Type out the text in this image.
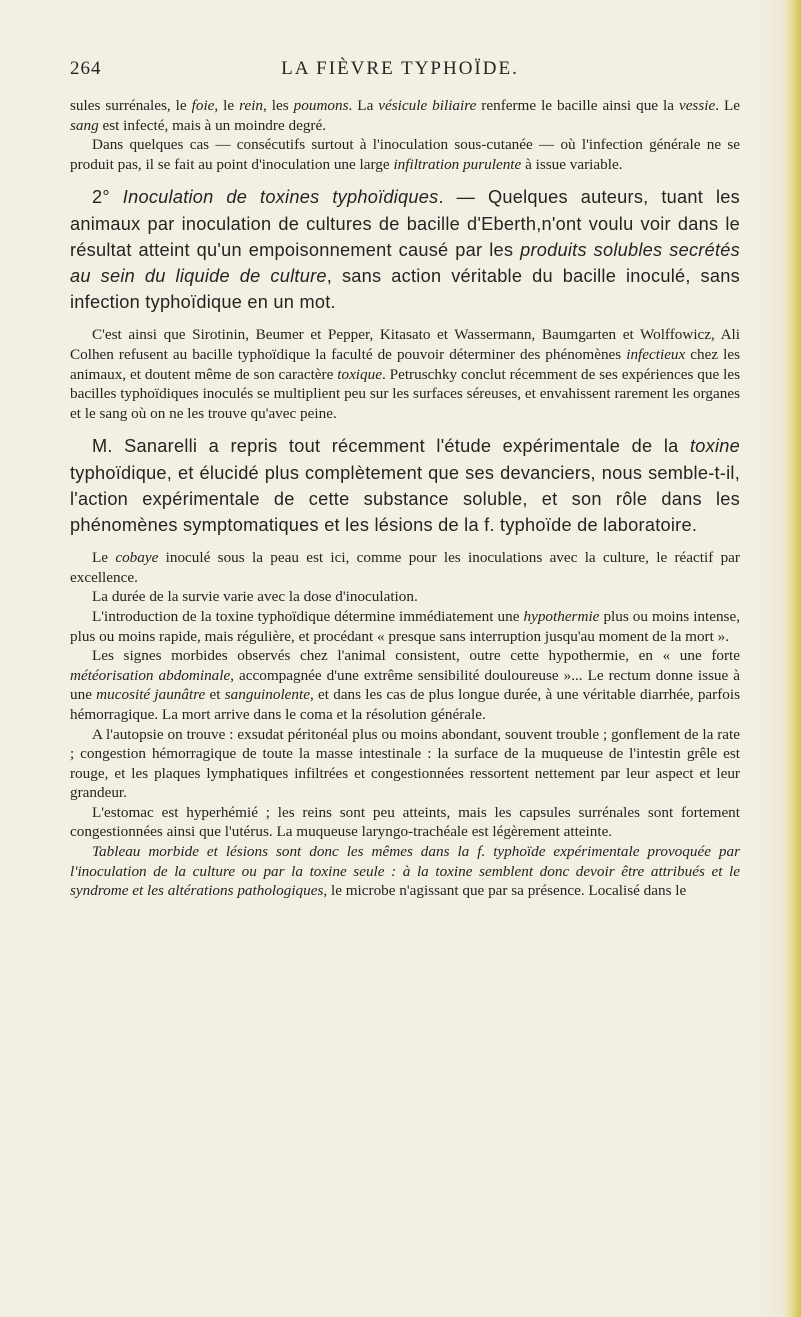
264	LA FIÈVRE TYPHOÏDE.

sules surrénales, le foie, le rein, les poumons. La vésicule biliaire renferme le bacille ainsi que la vessie. Le sang est infecté, mais à un moindre degré.

Dans quelques cas — consécutifs surtout à l'inoculation sous-cutanée — où l'infection générale ne se produit pas, il se fait au point d'inoculation une large infiltration purulente à issue variable.

2° Inoculation de toxines typhoïdiques. — Quelques auteurs, tuant les animaux par inoculation de cultures de bacille d'Eberth,n'ont voulu voir dans le résultat atteint qu'un empoisonnement causé par les produits solubles secrétés au sein du liquide de culture, sans action véritable du bacille inoculé, sans infection typhoïdique en un mot.

C'est ainsi que Sirotinin, Beumer et Pepper, Kitasato et Wassermann, Baumgarten et Wolffowicz, Ali Colhen refusent au bacille typhoïdique la faculté de pouvoir déterminer des phénomènes infectieux chez les animaux, et doutent même de son caractère toxique. Petruschky conclut récemment de ses expériences que les bacilles typhoïdiques inoculés se multiplient peu sur les surfaces séreuses, et envahissent rarement les organes et le sang où on ne les trouve qu'avec peine.

M. Sanarelli a repris tout récemment l'étude expérimentale de la toxine typhoïdique, et élucidé plus complètement que ses devanciers, nous semble-t-il, l'action expérimentale de cette substance soluble, et son rôle dans les phénomènes symptomatiques et les lésions de la f. typhoïde de laboratoire.

Le cobaye inoculé sous la peau est ici, comme pour les inoculations avec la culture, le réactif par excellence.

La durée de la survie varie avec la dose d'inoculation.

L'introduction de la toxine typhoïdique détermine immédiatement une hypothermie plus ou moins intense, plus ou moins rapide, mais régulière, et procédant « presque sans interruption jusqu'au moment de la mort ».

Les signes morbides observés chez l'animal consistent, outre cette hypothermie, en « une forte météorisation abdominale, accompagnée d'une extrême sensibilité douloureuse »... Le rectum donne issue à une mucosité jaunâtre et sanguinolente, et dans les cas de plus longue durée, à une véritable diarrhée, parfois hémorragique. La mort arrive dans le coma et la résolution générale.

A l'autopsie on trouve : exsudat péritonéal plus ou moins abondant, souvent trouble ; gonflement de la rate ; congestion hémorragique de toute la masse intestinale : la surface de la muqueuse de l'intestin grêle est rouge, et les plaques lymphatiques infiltrées et congestionnées ressortent nettement par leur aspect et leur grandeur.

L'estomac est hyperhémié ; les reins sont peu atteints, mais les capsules surrénales sont fortement congestionnées ainsi que l'utérus. La muqueuse laryngo-trachéale est légèrement atteinte.

Tableau morbide et lésions sont donc les mêmes dans la f. typhoïde expérimentale provoquée par l'inoculation de la culture ou par la toxine seule : à la toxine semblent donc devoir être attribués et le syndrome et les altérations pathologiques, le microbe n'agissant que par sa présence. Localisé dans le
